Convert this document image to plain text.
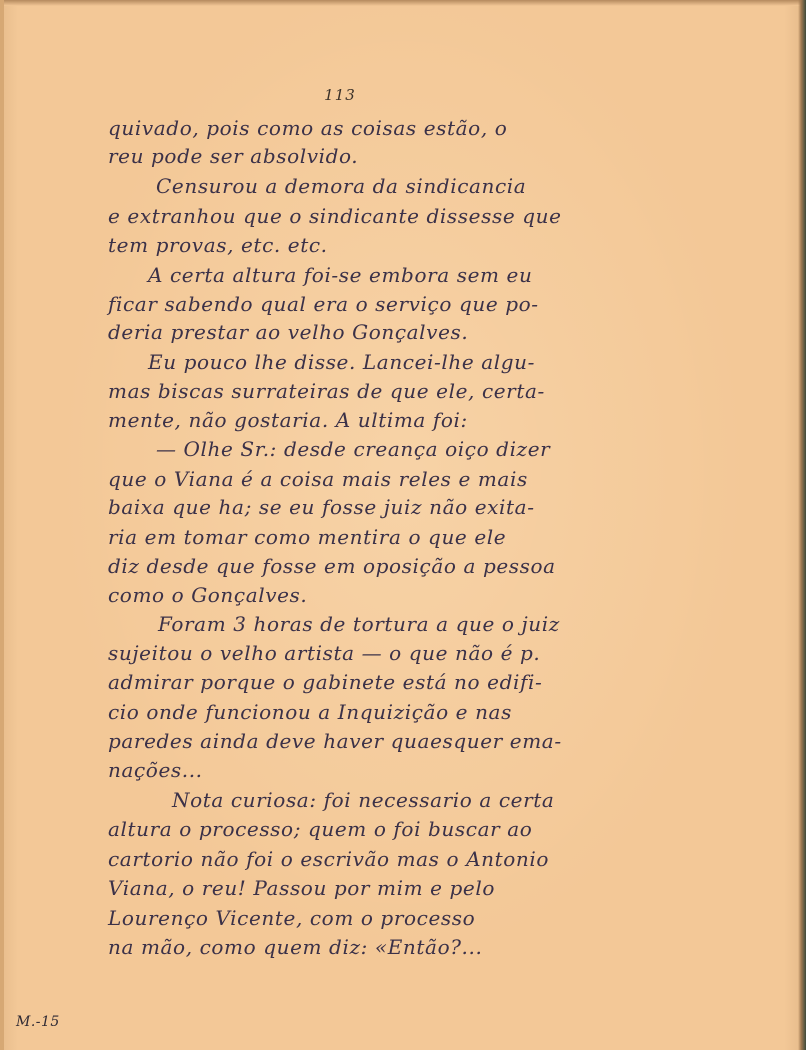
113
quivado, pois como as coisas estão, o
reu pode ser absolvido.
Censurou a demora da sindicancia
e extranhou que o sindicante dissesse que
tem provas, etc. etc.
A certa altura foi-se embora sem eu
ficar sabendo qual era o serviço que po-
deria prestar ao velho Gonçalves.
Eu pouco lhe disse. Lancei-lhe algu-
mas biscas surrateiras de que ele, certa-
mente, não gostaria. A ultima foi:
— Olhe Sr.: desde creança oiço dizer
que o Viana é a coisa mais reles e mais
baixa que ha; se eu fosse juiz não exita-
ria em tomar como mentira o que ele
diz desde que fosse em oposição a pessoa
como o Gonçalves.
Foram 3 horas de tortura a que o juiz
sujeitou o velho artista — o que não é p.
admirar porque o gabinete está no edifi-
cio onde funcionou a Inquizição e nas
paredes ainda deve haver quaesquer ema-
nações...
Nota curiosa: foi necessario a certa
altura o processo; quem o foi buscar ao
cartorio não foi o escrivão mas o Antonio
Viana, o reu! Passou por mim e pelo
Lourenço Vicente, com o processo
na mão, como quem diz: «Então?...
M.-15
